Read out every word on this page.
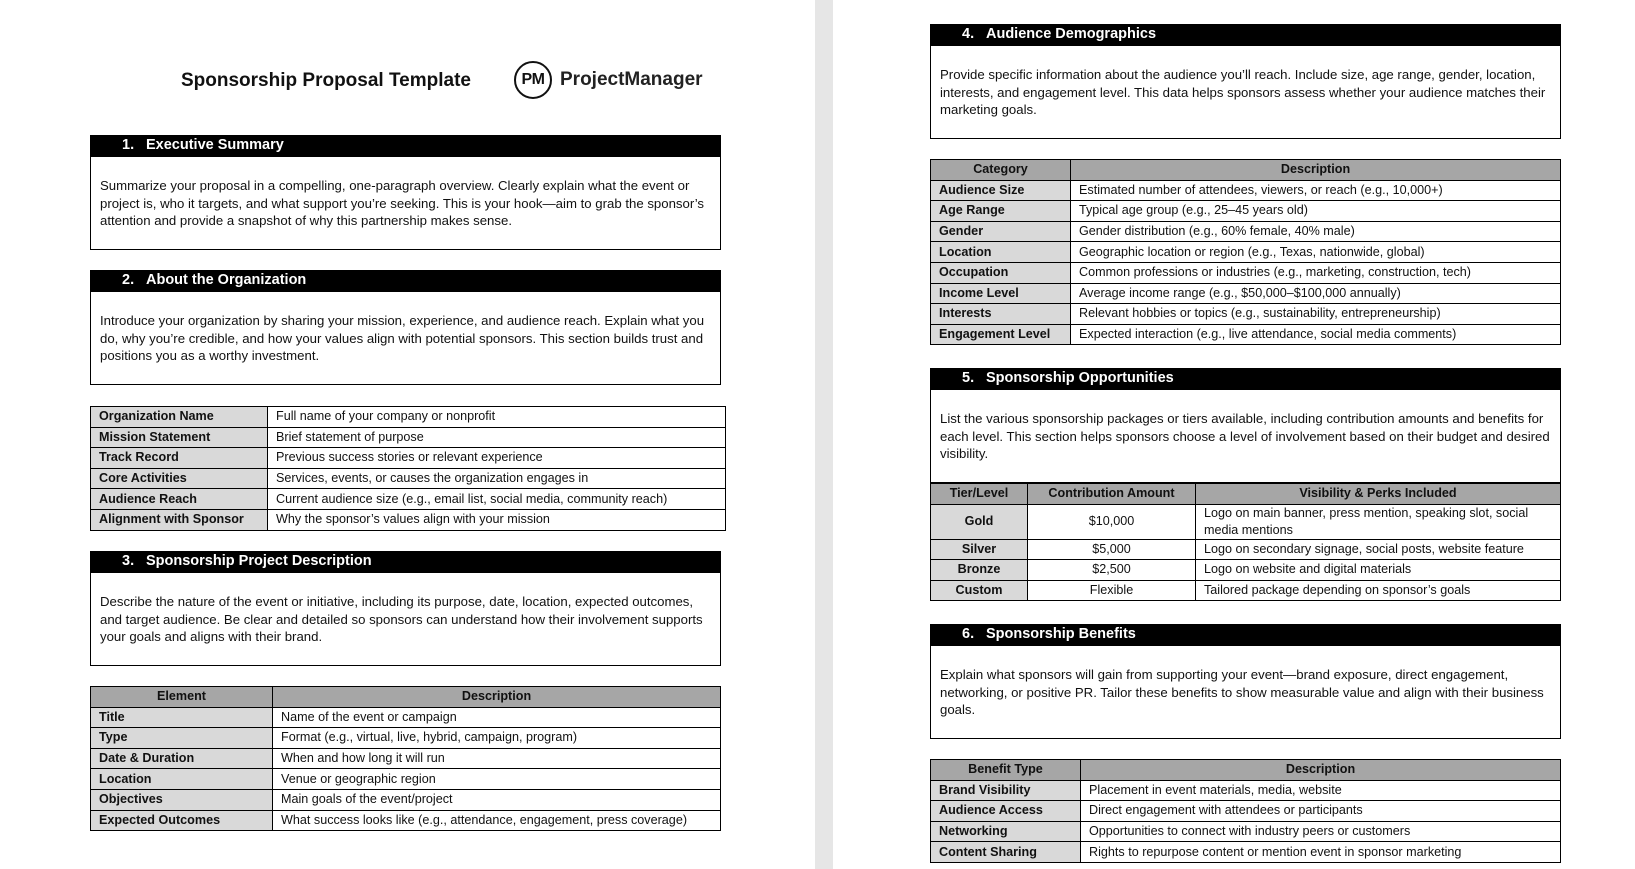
Sponsorship Proposal Template	PM ProjectManager
1. Executive Summary
Summarize your proposal in a compelling, one-paragraph overview. Clearly explain what the event or project is, who it targets, and what support you’re seeking. This is your hook—aim to grab the sponsor’s attention and provide a snapshot of why this partnership makes sense.
2. About the Organization
Introduce your organization by sharing your mission, experience, and audience reach. Explain what you do, why you’re credible, and how your values align with potential sponsors. This section builds trust and positions you as a worthy investment.
Organization Name	Full name of your company or nonprofit
Mission Statement	Brief statement of purpose
Track Record	Previous success stories or relevant experience
Core Activities	Services, events, or causes the organization engages in
Audience Reach	Current audience size (e.g., email list, social media, community reach)
Alignment with Sponsor	Why the sponsor’s values align with your mission
3. Sponsorship Project Description
Describe the nature of the event or initiative, including its purpose, date, location, expected outcomes, and target audience. Be clear and detailed so sponsors can understand how their involvement supports your goals and aligns with their brand.
Element	Description
Title	Name of the event or campaign
Type	Format (e.g., virtual, live, hybrid, campaign, program)
Date & Duration	When and how long it will run
Location	Venue or geographic region
Objectives	Main goals of the event/project
Expected Outcomes	What success looks like (e.g., attendance, engagement, press coverage)
4. Audience Demographics
Provide specific information about the audience you’ll reach. Include size, age range, gender, location, interests, and engagement level. This data helps sponsors assess whether your audience matches their marketing goals.
Category	Description
Audience Size	Estimated number of attendees, viewers, or reach (e.g., 10,000+)
Age Range	Typical age group (e.g., 25–45 years old)
Gender	Gender distribution (e.g., 60% female, 40% male)
Location	Geographic location or region (e.g., Texas, nationwide, global)
Occupation	Common professions or industries (e.g., marketing, construction, tech)
Income Level	Average income range (e.g., $50,000–$100,000 annually)
Interests	Relevant hobbies or topics (e.g., sustainability, entrepreneurship)
Engagement Level	Expected interaction (e.g., live attendance, social media comments)
5. Sponsorship Opportunities
List the various sponsorship packages or tiers available, including contribution amounts and benefits for each level. This section helps sponsors choose a level of involvement based on their budget and desired visibility.
Tier/Level	Contribution Amount	Visibility & Perks Included
Gold	$10,000	Logo on main banner, press mention, speaking slot, social media mentions
Silver	$5,000	Logo on secondary signage, social posts, website feature
Bronze	$2,500	Logo on website and digital materials
Custom	Flexible	Tailored package depending on sponsor’s goals
6. Sponsorship Benefits
Explain what sponsors will gain from supporting your event—brand exposure, direct engagement, networking, or positive PR. Tailor these benefits to show measurable value and align with their business goals.
Benefit Type	Description
Brand Visibility	Placement in event materials, media, website
Audience Access	Direct engagement with attendees or participants
Networking	Opportunities to connect with industry peers or customers
Content Sharing	Rights to repurpose content or mention event in sponsor marketing
